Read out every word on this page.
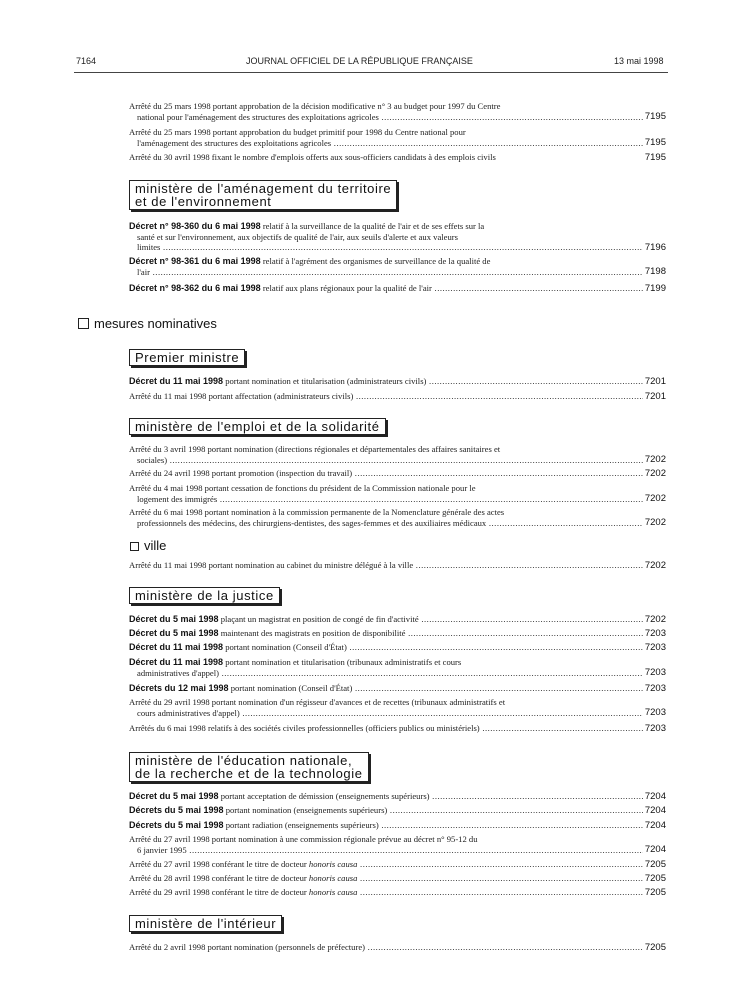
7164	JOURNAL OFFICIEL DE LA RÉPUBLIQUE FRANÇAISE	13 mai 1998
Arrêté du 25 mars 1998 portant approbation de la décision modificative n° 3 au budget pour 1997 du Centre
national pour l'aménagement des structures des exploitations agricoles .....	7195
Arrêté du 25 mars 1998 portant approbation du budget primitif pour 1998 du Centre national pour
l'aménagement des structures des exploitations agricoles .....	7195
Arrêté du 30 avril 1998 fixant le nombre d'emplois offerts aux sous-officiers candidats à des emplois civils	7195
ministère de l'aménagement du territoire
et de l'environnement
Décret n° 98-360 du 6 mai 1998 relatif à la surveillance de la qualité de l'air et de ses effets sur la
santé et sur l'environnement, aux objectifs de qualité de l'air, aux seuils d'alerte et aux valeurs
limites .....	7196
Décret n° 98-361 du 6 mai 1998 relatif à l'agrément des organismes de surveillance de la qualité de
l'air .....	7198
Décret n° 98-362 du 6 mai 1998 relatif aux plans régionaux pour la qualité de l'air .....	7199
mesures nominatives
Premier ministre
Décret du 11 mai 1998 portant nomination et titularisation (administrateurs civils) .....	7201
Arrêté du 11 mai 1998 portant affectation (administrateurs civils) .....	7201
ministère de l'emploi et de la solidarité
Arrêté du 3 avril 1998 portant nomination (directions régionales et départementales des affaires sanitaires et
sociales) .....	7202
Arrêté du 24 avril 1998 portant promotion (inspection du travail) .....	7202
Arrêté du 4 mai 1998 portant cessation de fonctions du président de la Commission nationale pour le
logement des immigrés .....	7202
Arrêté du 6 mai 1998 portant nomination à la commission permanente de la Nomenclature générale des actes
professionnels des médecins, des chirurgiens-dentistes, des sages-femmes et des auxiliaires médicaux .....	7202
ville
Arrêté du 11 mai 1998 portant nomination au cabinet du ministre délégué à la ville .....	7202
ministère de la justice
Décret du 5 mai 1998 plaçant un magistrat en position de congé de fin d'activité .....	7202
Décret du 5 mai 1998 maintenant des magistrats en position de disponibilité .....	7203
Décret du 11 mai 1998 portant nomination (Conseil d'État) .....	7203
Décret du 11 mai 1998 portant nomination et titularisation (tribunaux administratifs et cours
administratives d'appel) .....	7203
Décrets du 12 mai 1998 portant nomination (Conseil d'État) .....	7203
Arrêté du 29 avril 1998 portant nomination d'un régisseur d'avances et de recettes (tribunaux administratifs et
cours administratives d'appel) .....	7203
Arrêtés du 6 mai 1998 relatifs à des sociétés civiles professionnelles (officiers publics ou ministériels) .....	7203
ministère de l'éducation nationale,
de la recherche et de la technologie
Décret du 5 mai 1998 portant acceptation de démission (enseignements supérieurs) .....	7204
Décrets du 5 mai 1998 portant nomination (enseignements supérieurs) .....	7204
Décrets du 5 mai 1998 portant radiation (enseignements supérieurs) .....	7204
Arrêté du 27 avril 1998 portant nomination à une commission régionale prévue au décret n° 95-12 du
6 janvier 1995 .....	7204
Arrêté du 27 avril 1998 conférant le titre de docteur honoris causa .....	7205
Arrêté du 28 avril 1998 conférant le titre de docteur honoris causa .....	7205
Arrêté du 29 avril 1998 conférant le titre de docteur honoris causa .....	7205
ministère de l'intérieur
Arrêté du 2 avril 1998 portant nomination (personnels de préfecture) .....	7205
